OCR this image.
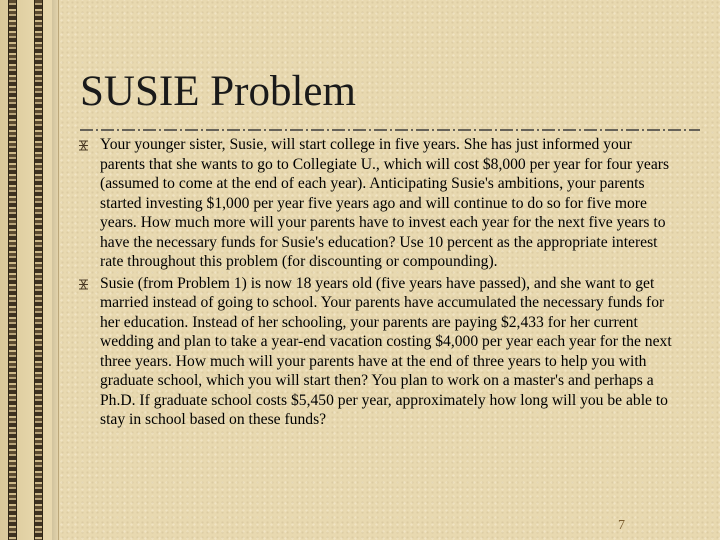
SUSIE Problem

Your younger sister, Susie, will start college in five years. She has just informed your parents that she wants to go to Collegiate U., which will cost $8,000 per year for four years (assumed to come at the end of each year). Anticipating Susie's ambitions, your parents started investing $1,000 per year five years ago and will continue to do so for five more years. How much more will your parents have to invest each year for the next five years to have the necessary funds for Susie's education? Use 10 percent as the appropriate interest rate throughout this problem (for discounting or compounding).

Susie (from Problem 1) is now 18 years old (five years have passed), and she want to get married instead of going to school. Your parents have accumulated the necessary funds for her education. Instead of her schooling, your parents are paying $2,433 for her current wedding and plan to take a year-end vacation costing $4,000 per year each year for the next three years. How much will your parents have at the end of three years to help you with graduate school, which you will start then? You plan to work on a master's and perhaps a Ph.D. If graduate school costs $5,450 per year, approximately how long will you be able to stay in school based on these funds?

7
